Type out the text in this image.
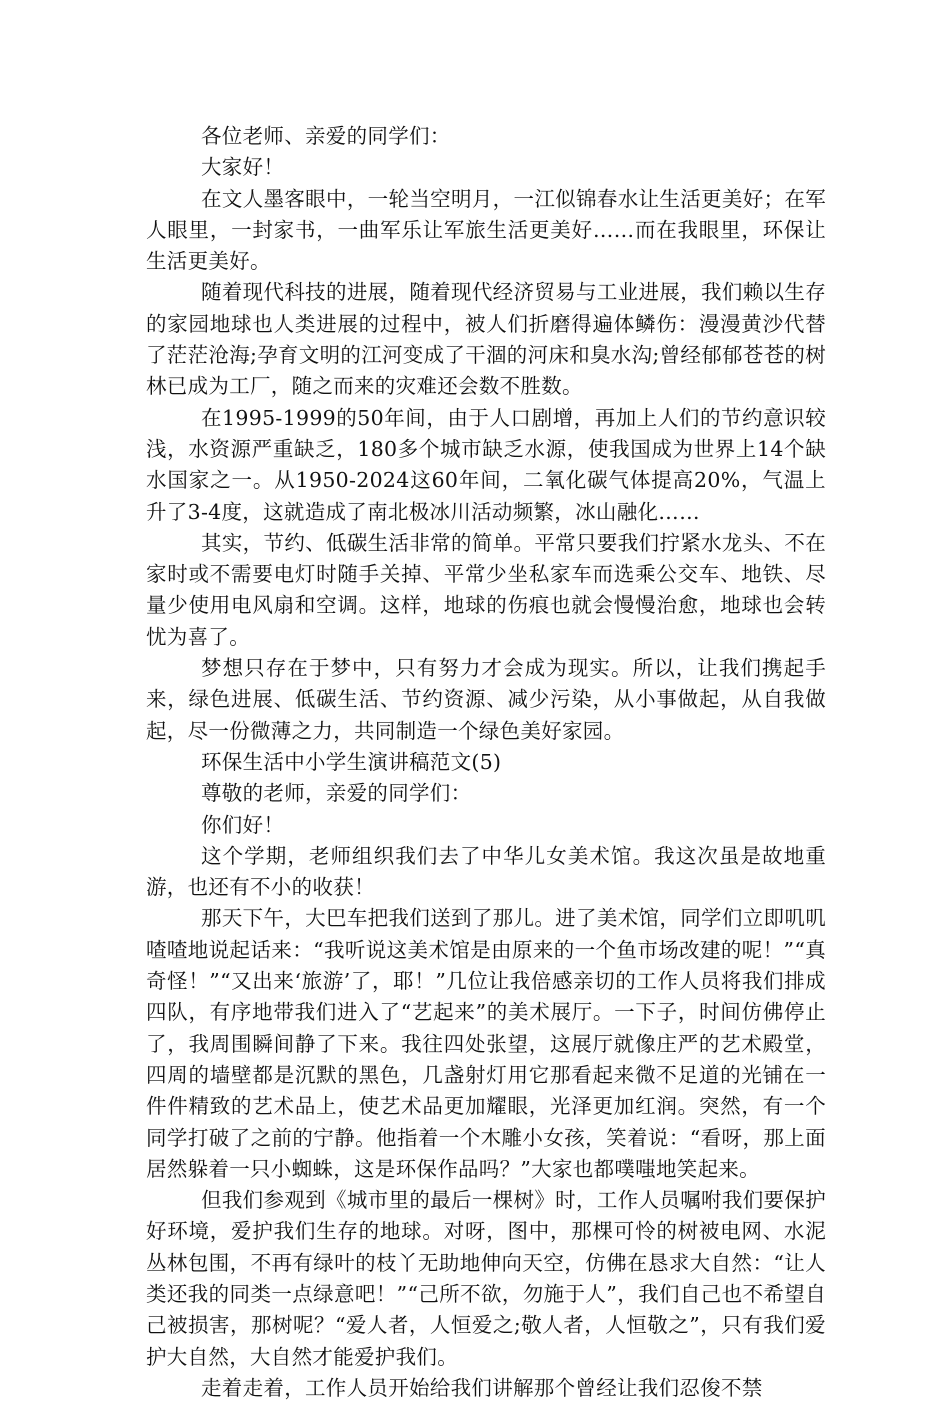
各位老师、亲爱的同学们：

大家好！

在文人墨客眼中，一轮当空明月，一江似锦春水让生活更美好；在军人眼里，一封家书，一曲军乐让军旅生活更美好……而在我眼里，环保让生活更美好。

随着现代科技的进展，随着现代经济贸易与工业进展，我们赖以生存的家园地球也人类进展的过程中，被人们折磨得遍体鳞伤：漫漫黄沙代替了茫茫沧海;孕育文明的江河变成了干涸的河床和臭水沟;曾经郁郁苍苍的树林已成为工厂，随之而来的灾难还会数不胜数。

在1995-1999的50年间，由于人口剧增，再加上人们的节约意识较浅，水资源严重缺乏，180多个城市缺乏水源，使我国成为世界上14个缺水国家之一。从1950-2024这60年间，二氧化碳气体提高20%，气温上升了3-4度，这就造成了南北极冰川活动频繁，冰山融化……

其实，节约、低碳生活非常的简单。平常只要我们拧紧水龙头、不在家时或不需要电灯时随手关掉、平常少坐私家车而选乘公交车、地铁、尽量少使用电风扇和空调。这样，地球的伤痕也就会慢慢治愈，地球也会转忧为喜了。

梦想只存在于梦中，只有努力才会成为现实。所以，让我们携起手来，绿色进展、低碳生活、节约资源、减少污染，从小事做起，从自我做起，尽一份微薄之力，共同制造一个绿色美好家园。

环保生活中小学生演讲稿范文(5)

尊敬的老师，亲爱的同学们：

你们好！

这个学期，老师组织我们去了中华儿女美术馆。我这次虽是故地重游，也还有不小的收获！

那天下午，大巴车把我们送到了那儿。进了美术馆，同学们立即叽叽喳喳地说起话来：“我听说这美术馆是由原来的一个鱼市场改建的呢！”“真奇怪！”“又出来‘旅游’了，耶！”几位让我倍感亲切的工作人员将我们排成四队，有序地带我们进入了“艺起来”的美术展厅。一下子，时间仿佛停止了，我周围瞬间静了下来。我往四处张望，这展厅就像庄严的艺术殿堂，四周的墙壁都是沉默的黑色，几盏射灯用它那看起来微不足道的光铺在一件件精致的艺术品上，使艺术品更加耀眼，光泽更加红润。突然，有一个同学打破了之前的宁静。他指着一个木雕小女孩，笑着说：“看呀，那上面居然躲着一只小蜘蛛，这是环保作品吗？”大家也都噗嗤地笑起来。

但我们参观到《城市里的最后一棵树》时，工作人员嘱咐我们要保护好环境，爱护我们生存的地球。对呀，图中，那棵可怜的树被电网、水泥丛林包围，不再有绿叶的枝丫无助地伸向天空，仿佛在恳求大自然：“让人类还我的同类一点绿意吧！”“己所不欲，勿施于人”，我们自己也不希望自己被损害，那树呢？“爱人者，人恒爱之;敬人者，人恒敬之”，只有我们爱护大自然，大自然才能爱护我们。

走着走着，工作人员开始给我们讲解那个曾经让我们忍俊不禁
